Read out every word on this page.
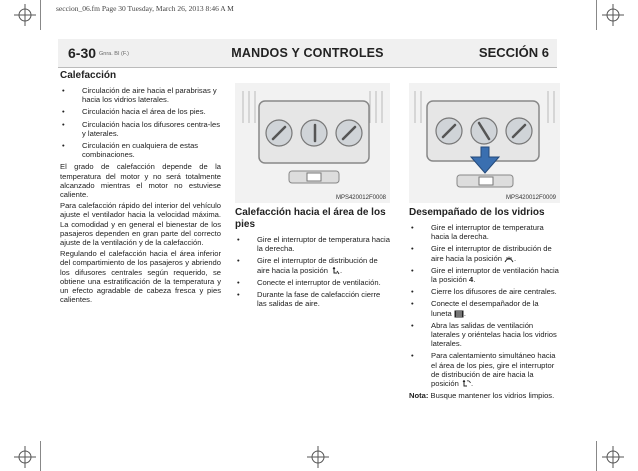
seccion_06.fm Page 30 Tuesday, March 26, 2013 8:46 A M
6-30 Gnra. BI (F.)	MANDOS Y CONTROLES	SECCIÓN 6
Calefacción
• Circulación de aire hacia el parabrisas y hacia los vidrios laterales.
• Circulación hacia el área de los pies.
• Circulación hacia los difusores centra-les y laterales.
• Circulación en cualquiera de estas combinaciones.

El grado de calefacción depende de la temperatura del motor y no será totalmente alcanzado mientras el motor no estuviese caliente.

Para calefacción rápido del interior del vehículo ajuste el ventilador hacia la velocidad máxima. La comodidad y en general el bienestar de los pasajeros dependen en gran parte del correcto ajuste de la ventilación y de la calefacción.

Regulando el calefacción hacia el área inferior del compartimiento de los pasajeros y abriendo los difusores centrales según requerido, se obtiene una estratificación de la temperatura y un efecto agradable de cabeza fresca y pies calientes.

MPS420012F0008	MPS420012F0009
Calefacción hacia el área de los pies
• Gire el interruptor de temperatura hacia la derecha.
• Gire el interruptor de distribución de aire hacia la posición .
• Conecte el interruptor de ventilación.
• Durante la fase de calefacción cierre las salidas de aire.
Desempañado de los vidrios
• Gire el interruptor de temperatura hacia la derecha.
• Gire el interruptor de distribución de aire hacia la posición .
• Gire el interruptor de ventilación hacia la posición 4.
• Cierre los difusores de aire centrales.
• Conecte el desempañador de la luneta .
• Abra las salidas de ventilación laterales y oriéntelas hacia los vidrios laterales.
• Para calentamiento simultáneo hacia el área de los pies, gire el interruptor de distribución de aire hacia la posición .
Nota: Busque mantener los vidrios limpios.
